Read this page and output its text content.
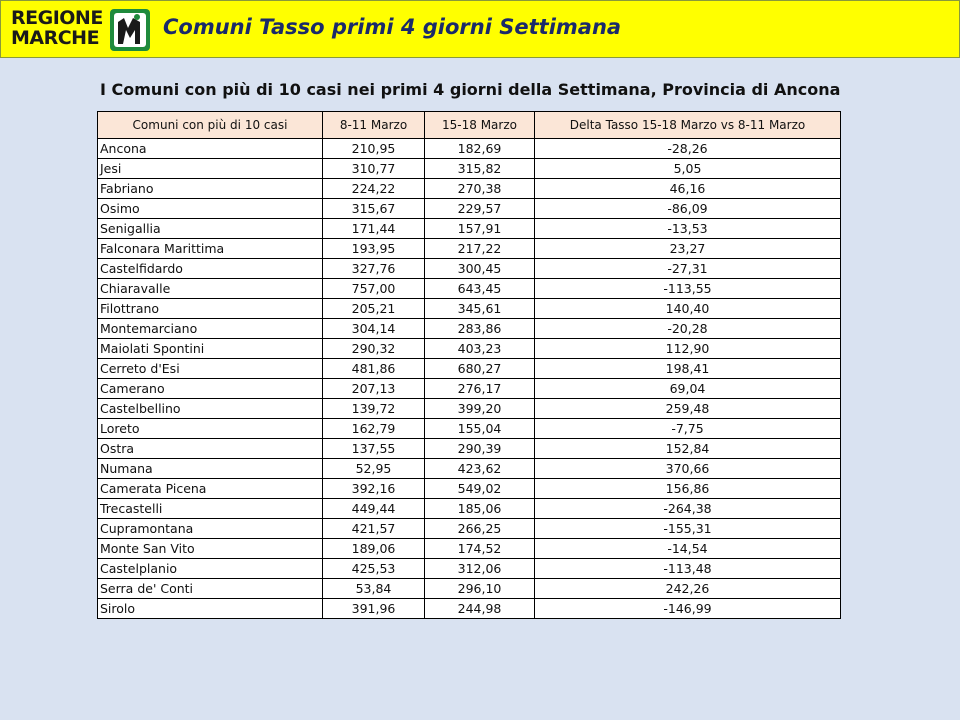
REGIONE
MARCHE	Comuni Tasso primi 4 giorni Settimana
I Comuni con più di 10 casi nei primi 4 giorni della Settimana, Provincia di Ancona
Comuni con più di 10 casi	8-11 Marzo	15-18 Marzo	Delta Tasso 15-18 Marzo vs 8-11 Marzo
Ancona	210,95	182,69	-28,26
Jesi	310,77	315,82	5,05
Fabriano	224,22	270,38	46,16
Osimo	315,67	229,57	-86,09
Senigallia	171,44	157,91	-13,53
Falconara Marittima	193,95	217,22	23,27
Castelfidardo	327,76	300,45	-27,31
Chiaravalle	757,00	643,45	-113,55
Filottrano	205,21	345,61	140,40
Montemarciano	304,14	283,86	-20,28
Maiolati Spontini	290,32	403,23	112,90
Cerreto d'Esi	481,86	680,27	198,41
Camerano	207,13	276,17	69,04
Castelbellino	139,72	399,20	259,48
Loreto	162,79	155,04	-7,75
Ostra	137,55	290,39	152,84
Numana	52,95	423,62	370,66
Camerata Picena	392,16	549,02	156,86
Trecastelli	449,44	185,06	-264,38
Cupramontana	421,57	266,25	-155,31
Monte San Vito	189,06	174,52	-14,54
Castelplanio	425,53	312,06	-113,48
Serra de' Conti	53,84	296,10	242,26
Sirolo	391,96	244,98	-146,99
